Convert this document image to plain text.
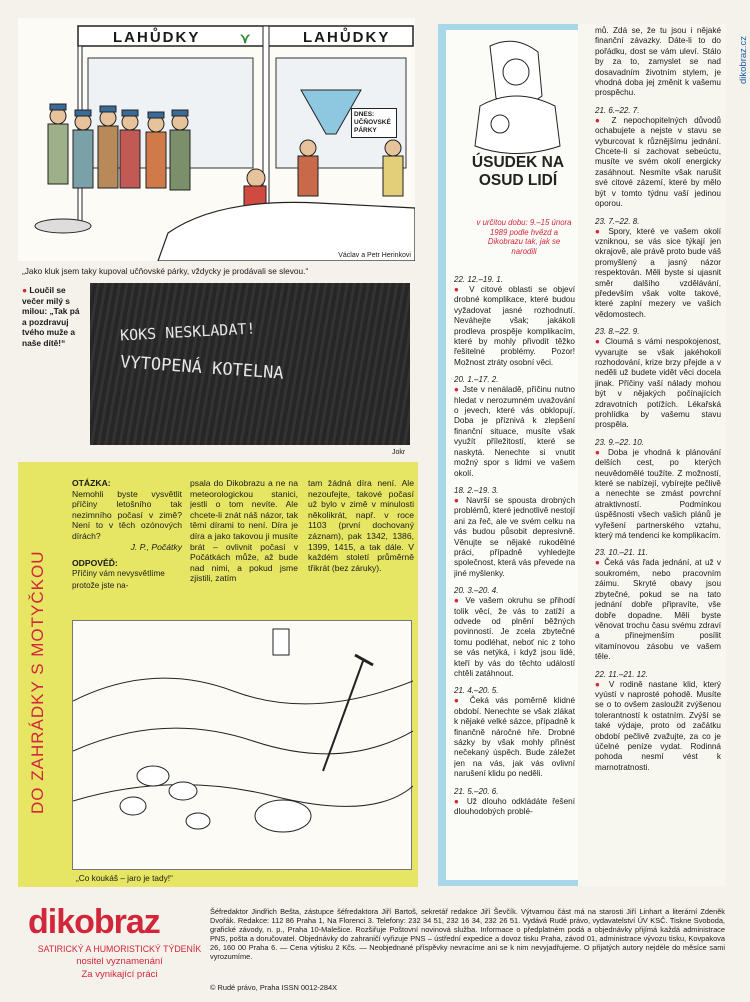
dikobraz.cz
LAHŮDKY	⋎	LAHŮDKY
DNES: UČŇOVSKÉ PÁRKY
Václav a Petr Herinkovi
„Jako kluk jsem taky kupoval učňovské párky, vždycky je prodávali se slevou.“
● Loučil se večer milý s milou: „Tak pá a pozdravuj tvého muže a naše dítě!“	KOKS NESKLADAT!
VYTOPENÁ KOTELNA
Jokr
DO ZAHRÁDKY S MOTYČKOU
OTÁZKA:
Nemohli byste vysvětlit příčiny letošního tak nezimního počasí v zimě? Není to v těch ozónových dírách?
J. P., Počátky
ODPOVĚĎ:
Příčiny vám nevysvětlíme protože jste na-
psala do Dikobrazu a ne na meteorologickou stanici, jestli o tom nevíte. Ale chcete-li znát náš názor, tak těmi dírami to není. Díra je díra a jako takovou ji musíte brát – ovlivnit počasí v Počátkách může, až bude nad nimi, a pokud jsme zjistili, zatím
tam žádná díra není. Ale nezoufejte, takové počasí už bylo v zimě v minulosti několikrát, např. v roce 1103 (první dochovaný záznam), pak 1342, 1386, 1399, 1415, a tak dále. V každém století průměrně třikrát (bez záruky).
„Co koukáš – jaro je tady!“
ÚSUDEK NA OSUD LIDÍ
v určitou dobu: 9.–15 února 1989 podle hvězd a Dikobrazu tak, jak se narodili
22. 12.–19. 1.
● V citové oblasti se objeví drobné komplikace, které budou vyžadovat jasné rozhodnutí. Neváhejte však; jakákoli prodleva prospěje komplikacím, které by mohly přivodit těžko řešitelné problémy. Pozor! Možnost ztráty osobní věci.
20. 1.–17. 2.
● Jste v nenáladě, příčinu nutno hledat v nerozumném uvažování o jevech, které vás obklopují. Doba je příznivá k zlepšení finanční situace, musíte však využít příležitostí, které se naskytá. Nenechte si vnutit možný spor s lidmi ve vašem okolí.
18. 2.–19. 3.
● Navrší se spousta drobných problémů, které jednotlivě nestojí ani za řeč, ale ve svém celku na vás budou působit depresivně. Věnujte se nějaké rukodělné práci, případně vyhledejte společnost, která vás převede na jiné myšlenky.
20. 3.–20. 4.
● Ve vašem okruhu se přihodí tolik věcí, že vás to zatíží a odvede od plnění běžných povinností. Je zcela zbytečné tomu podléhat, neboť nic z toho se vás netýká, i když jsou lidé, kteří by vás do těchto událostí chtěli zatáhnout.
21. 4.–20. 5.
● Čeká vás poměrně klidné období. Nenechte se však zlákat k nějaké velké sázce, případně k finančně náročné hře. Drobné sázky by však mohly přinést nečekaný úspěch. Bude záležet jen na vás, jak vás ovlivní narušení klidu po neděli.
21. 5.–20. 6.
● Už dlouho odkládáte řešení dlouhodobých problé-
mů. Zdá se, že tu jsou i nějaké finanční závazky. Dáte-li to do pořádku, dost se vám uleví. Stálo by za to, zamyslet se nad dosavadním životním stylem, je vhodná doba jej změnit k vašemu prospěchu.
21. 6.–22. 7.
● Z nepochopitelných důvodů ochabujete a nejste v stavu se vyburcovat k různějšímu jednání. Chcete-li si zachovat sebeúctu, musíte ve svém okolí energicky zasáhnout. Nesmíte však narušit své citové zázemí, které by mělo být v tomto týdnu vaší jedinou oporou.
23. 7.–22. 8.
● Spory, které ve vašem okolí vzniknou, se vás sice týkají jen okrajově, ale právě proto bude váš promyšlený a jasný názor respektován. Měli byste si ujasnit směr dalšího vzdělávání, především však volte takové, které zaplní mezery ve vašich vědomostech.
23. 8.–22. 9.
● Cloumá s vámi nespokojenost, vyvarujte se však jakéhokoli rozhodování, krize brzy přejde a v neděli už budete vidět věci docela jinak. Příčiny vaší nálady mohou být v nějakých počínajících zdravotních potížích. Lékařská prohlídka by vašemu stavu prospěla.
23. 9.–22. 10.
● Doba je vhodná k plánování delších cest, po kterých neuvědomělé toužíte. Z možností, které se nabízejí, vybírejte pečlivě a nenechte se zmást povrchní atraktivností. Podmínkou úspěšnosti všech vašich plánů je vyřešení partnerského vztahu, který má tendenci ke komplikacím.
23. 10.–21. 11.
● Čeká vás řada jednání, at už v soukromém, nebo pracovním záimu. Skryté obavy jsou zbytečné, pokud se na tato jednání dobře připravíte, vše dobře dopadne. Měli byste věnovat trochu času svému zdraví a přinejmenším posílit vitamínovou zásobu ve vašem těle.
22. 11.–21. 12.
● V rodině nastane klid, který vyústí v naprosté pohodě. Musíte se o to ovšem zasloužit zvýšenou tolerantností k ostatním. Zvýší se také výdaje, proto od začátku období pečlivě zvažujte, za co je účelné peníze vydat. Rodinná pohoda nesmí vést k marnotratnosti.
dikobraz
SATIRICKÝ A HUMORISTICKÝ TÝDENÍK
nositel vyznamenání
Za vynikající práci
Šéfredaktor Jindřich Bešta, zástupce šéfredaktora Jiří Bartoš, sekretář redakce Jiří Ševčík. Výtvarnou část má na starosti Jiří Linhart a literární Zdeněk Dvořák. Redakce: 112 86 Praha 1, Na Florenci 3. Telefony: 232 34 51, 232 16 34, 232 26 51. Vydává Rudé právo, vydavatelství ÚV KSČ. Tiskne Svoboda, grafické závody, n. p., Praha 10-Malešice. Rozšiřuje Poštovní novinová služba. Informace o předplatném podá a objednávky přijímá každá administrace PNS, pošta a doručovatel. Objednávky do zahraničí vyřizuje PNS – ústřední expedice a dovoz tisku Praha, závod 01, administrace vývozu tisku, Kovpakova 26, 160 00 Praha 6. — Cena výtisku 2 Kčs. — Neobjednané příspěvky nevracíme ani se k nim nevyjadřujeme. O přijatých autory nejdéle do měsíce sami vyrozumíme.
© Rudé právo, Praha ISSN 0012-284X
